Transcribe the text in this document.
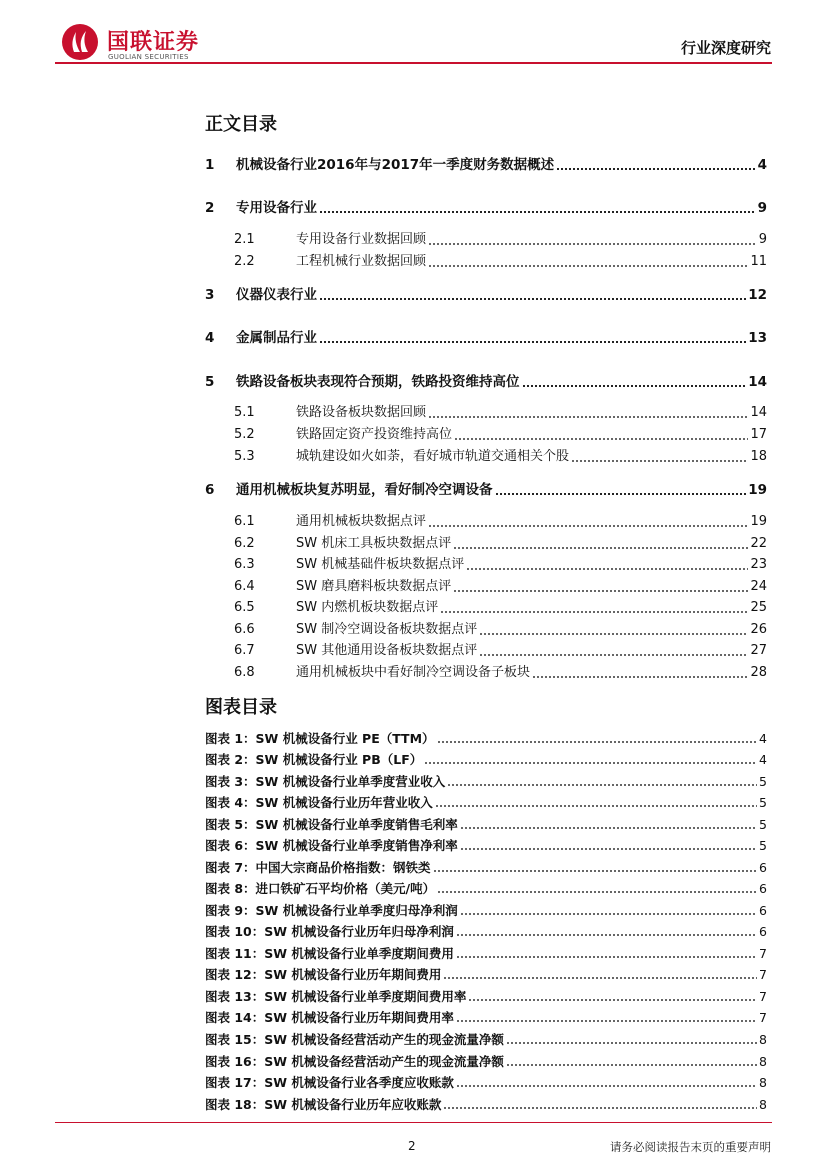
国联证券
GUOLIAN SECURITIES	行业深度研究
正文目录
1	机械设备行业2016年与2017年一季度财务数据概述	4
2	专用设备行业	9
2.1	专用设备行业数据回顾	9
2.2	工程机械行业数据回顾	11
3	仪器仪表行业	12
4	金属制品行业	13
5	铁路设备板块表现符合预期，铁路投资维持高位	14
5.1	铁路设备板块数据回顾	14
5.2	铁路固定资产投资维持高位	17
5.3	城轨建设如火如荼，看好城市轨道交通相关个股	18
6	通用机械板块复苏明显，看好制冷空调设备	19
6.1	通用机械板块数据点评	19
6.2	SW 机床工具板块数据点评	22
6.3	SW 机械基础件板块数据点评	23
6.4	SW 磨具磨料板块数据点评	24
6.5	SW 内燃机板块数据点评	25
6.6	SW 制冷空调设备板块数据点评	26
6.7	SW 其他通用设备板块数据点评	27
6.8	通用机械板块中看好制冷空调设备子板块	28
图表目录
图表 1：SW 机械设备行业 PE（TTM）	4
图表 2：SW 机械设备行业 PB（LF）	4
图表 3：SW 机械设备行业单季度营业收入	5
图表 4：SW 机械设备行业历年营业收入	5
图表 5：SW 机械设备行业单季度销售毛利率	5
图表 6：SW 机械设备行业单季度销售净利率	5
图表 7：中国大宗商品价格指数：钢铁类	6
图表 8：进口铁矿石平均价格（美元/吨）	6
图表 9：SW 机械设备行业单季度归母净利润	6
图表 10：SW 机械设备行业历年归母净利润	6
图表 11：SW 机械设备行业单季度期间费用	7
图表 12：SW 机械设备行业历年期间费用	7
图表 13：SW 机械设备行业单季度期间费用率	7
图表 14：SW 机械设备行业历年期间费用率	7
图表 15：SW 机械设备经营活动产生的现金流量净额	8
图表 16：SW 机械设备经营活动产生的现金流量净额	8
图表 17：SW 机械设备行业各季度应收账款	8
图表 18：SW 机械设备行业历年应收账款	8
2	请务必阅读报告末页的重要声明
